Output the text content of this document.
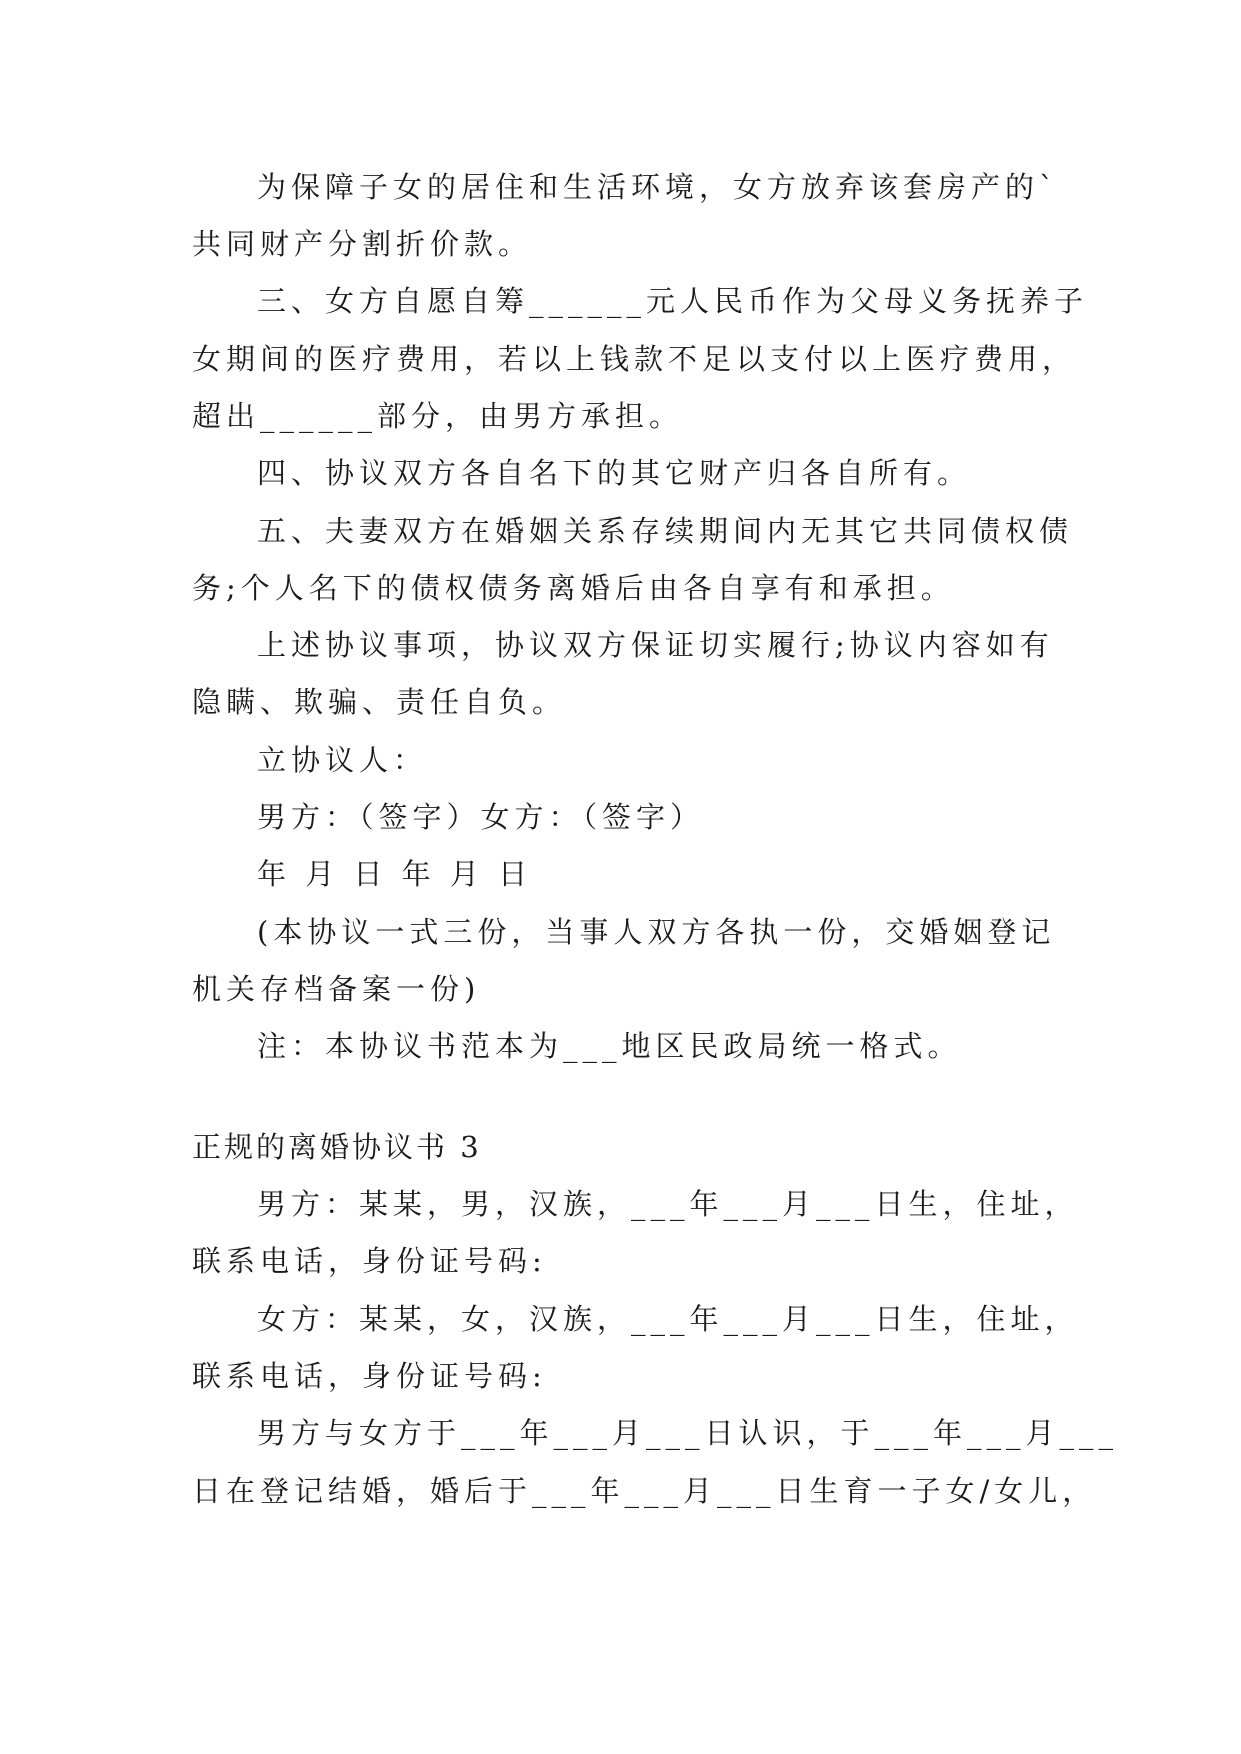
为保障子女的居住和生活环境，女方放弃该套房产的`
共同财产分割折价款。
三、女方自愿自筹______元人民币作为父母义务抚养子
女期间的医疗费用，若以上钱款不足以支付以上医疗费用，
超出______部分，由男方承担。
四、协议双方各自名下的其它财产归各自所有。
五、夫妻双方在婚姻关系存续期间内无其它共同债权债
务;个人名下的债权债务离婚后由各自享有和承担。
上述协议事项，协议双方保证切实履行;协议内容如有
隐瞒、欺骗、责任自负。
立协议人：
男方：（签字）女方：（签字）
年 月 日 年 月 日
(本协议一式三份，当事人双方各执一份，交婚姻登记
机关存档备案一份)
注：本协议书范本为___地区民政局统一格式。
正规的离婚协议书 3
男方：某某，男，汉族，___年___月___日生，住址，
联系电话，身份证号码:
女方：某某，女，汉族，___年___月___日生，住址，
联系电话，身份证号码:
男方与女方于___年___月___日认识，于___年___月___
日在登记结婚，婚后于___年___月___日生育一子女/女儿，
